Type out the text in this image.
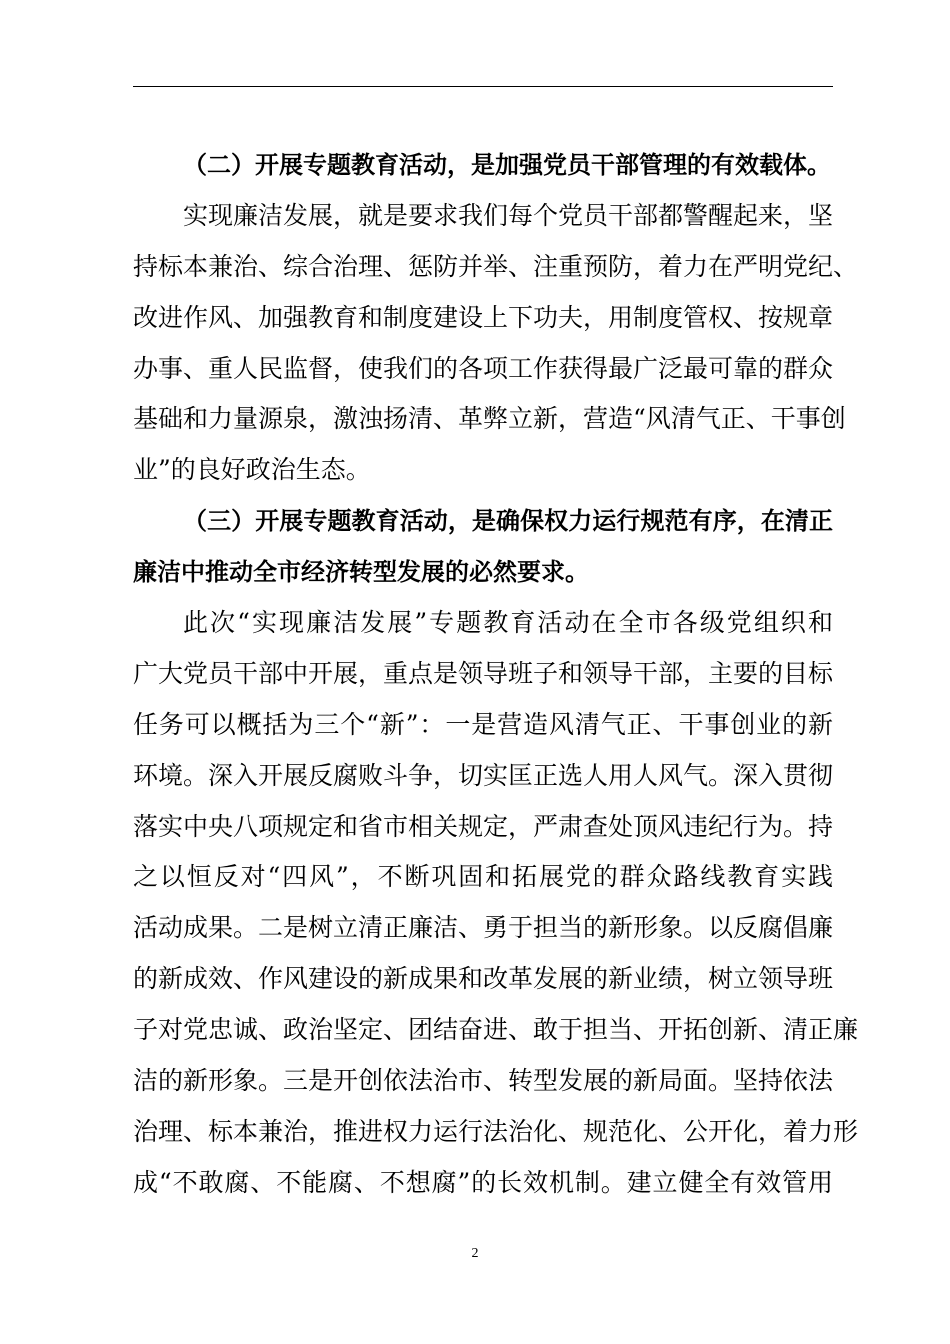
（二）开展专题教育活动，是加强党员干部管理的有效载体。
实现廉洁发展，就是要求我们每个党员干部都警醒起来，坚
持标本兼治、综合治理、惩防并举、注重预防，着力在严明党纪、
改进作风、加强教育和制度建设上下功夫，用制度管权、按规章
办事、重人民监督，使我们的各项工作获得最广泛最可靠的群众
基础和力量源泉，激浊扬清、革弊立新，营造“风清气正、干事创
业”的良好政治生态。
（三）开展专题教育活动，是确保权力运行规范有序，在清正
廉洁中推动全市经济转型发展的必然要求。
此次“实现廉洁发展”专题教育活动在全市各级党组织和
广大党员干部中开展，重点是领导班子和领导干部，主要的目标
任务可以概括为三个“新”：一是营造风清气正、干事创业的新
环境。深入开展反腐败斗争，切实匡正选人用人风气。深入贯彻
落实中央八项规定和省市相关规定，严肃查处顶风违纪行为。持
之以恒反对“四风”，不断巩固和拓展党的群众路线教育实践
活动成果。二是树立清正廉洁、勇于担当的新形象。以反腐倡廉
的新成效、作风建设的新成果和改革发展的新业绩，树立领导班
子对党忠诚、政治坚定、团结奋进、敢于担当、开拓创新、清正廉
洁的新形象。三是开创依法治市、转型发展的新局面。坚持依法
治理、标本兼治，推进权力运行法治化、规范化、公开化，着力形
成“不敢腐、不能腐、不想腐”的长效机制。建立健全有效管用
2
